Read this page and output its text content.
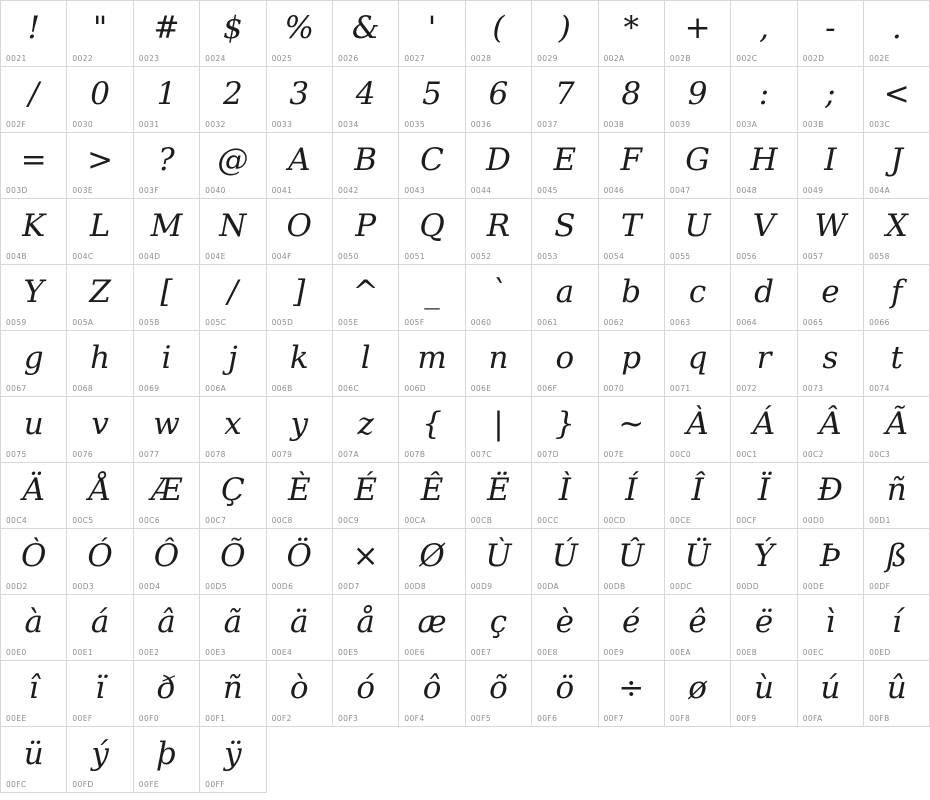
!
0021
"
0022
#
0023
$
0024
%
0025
&
0026
'
0027
(
0028
)
0029
*
002A
+
002B
,
002C
-
002D
.
002E
/
002F
0
0030
1
0031
2
0032
3
0033
4
0034
5
0035
6
0036
7
0037
8
0038
9
0039
:
003A
;
003B
<
003C
=
003D
>
003E
?
003F
@
0040
A
0041
B
0042
C
0043
D
0044
E
0045
F
0046
G
0047
H
0048
I
0049
J
004A
K
004B
L
004C
M
004D
N
004E
O
004F
P
0050
Q
0051
R
0052
S
0053
T
0054
U
0055
V
0056
W
0057
X
0058
Y
0059
Z
005A
[
005B
/
005C
]
005D
^
005E
_
005F
`
0060
a
0061
b
0062
c
0063
d
0064
e
0065
f
0066
g
0067
h
0068
i
0069
j
006A
k
006B
l
006C
m
006D
n
006E
o
006F
p
0070
q
0071
r
0072
s
0073
t
0074
u
0075
v
0076
w
0077
x
0078
y
0079
z
007A
{
007B
|
007C
}
007D
~
007E
À
00C0
Á
00C1
Â
00C2
Ã
00C3
Ä
00C4
Å
00C5
Æ
00C6
Ç
00C7
È
00C8
É
00C9
Ê
00CA
Ë
00CB
Ì
00CC
Í
00CD
Î
00CE
Ï
00CF
Ð
00D0
ñ
00D1
Ò
00D2
Ó
00D3
Ô
00D4
Õ
00D5
Ö
00D6
×
00D7
Ø
00D8
Ù
00D9
Ú
00DA
Û
00DB
Ü
00DC
Ý
00DD
Þ
00DE
ß
00DF
à
00E0
á
00E1
â
00E2
ã
00E3
ä
00E4
å
00E5
æ
00E6
ç
00E7
è
00E8
é
00E9
ê
00EA
ë
00EB
ì
00EC
í
00ED
î
00EE
ï
00EF
ð
00F0
ñ
00F1
ò
00F2
ó
00F3
ô
00F4
õ
00F5
ö
00F6
÷
00F7
ø
00F8
ù
00F9
ú
00FA
û
00FB
ü
00FC
ý
00FD
þ
00FE
ÿ
00FF
